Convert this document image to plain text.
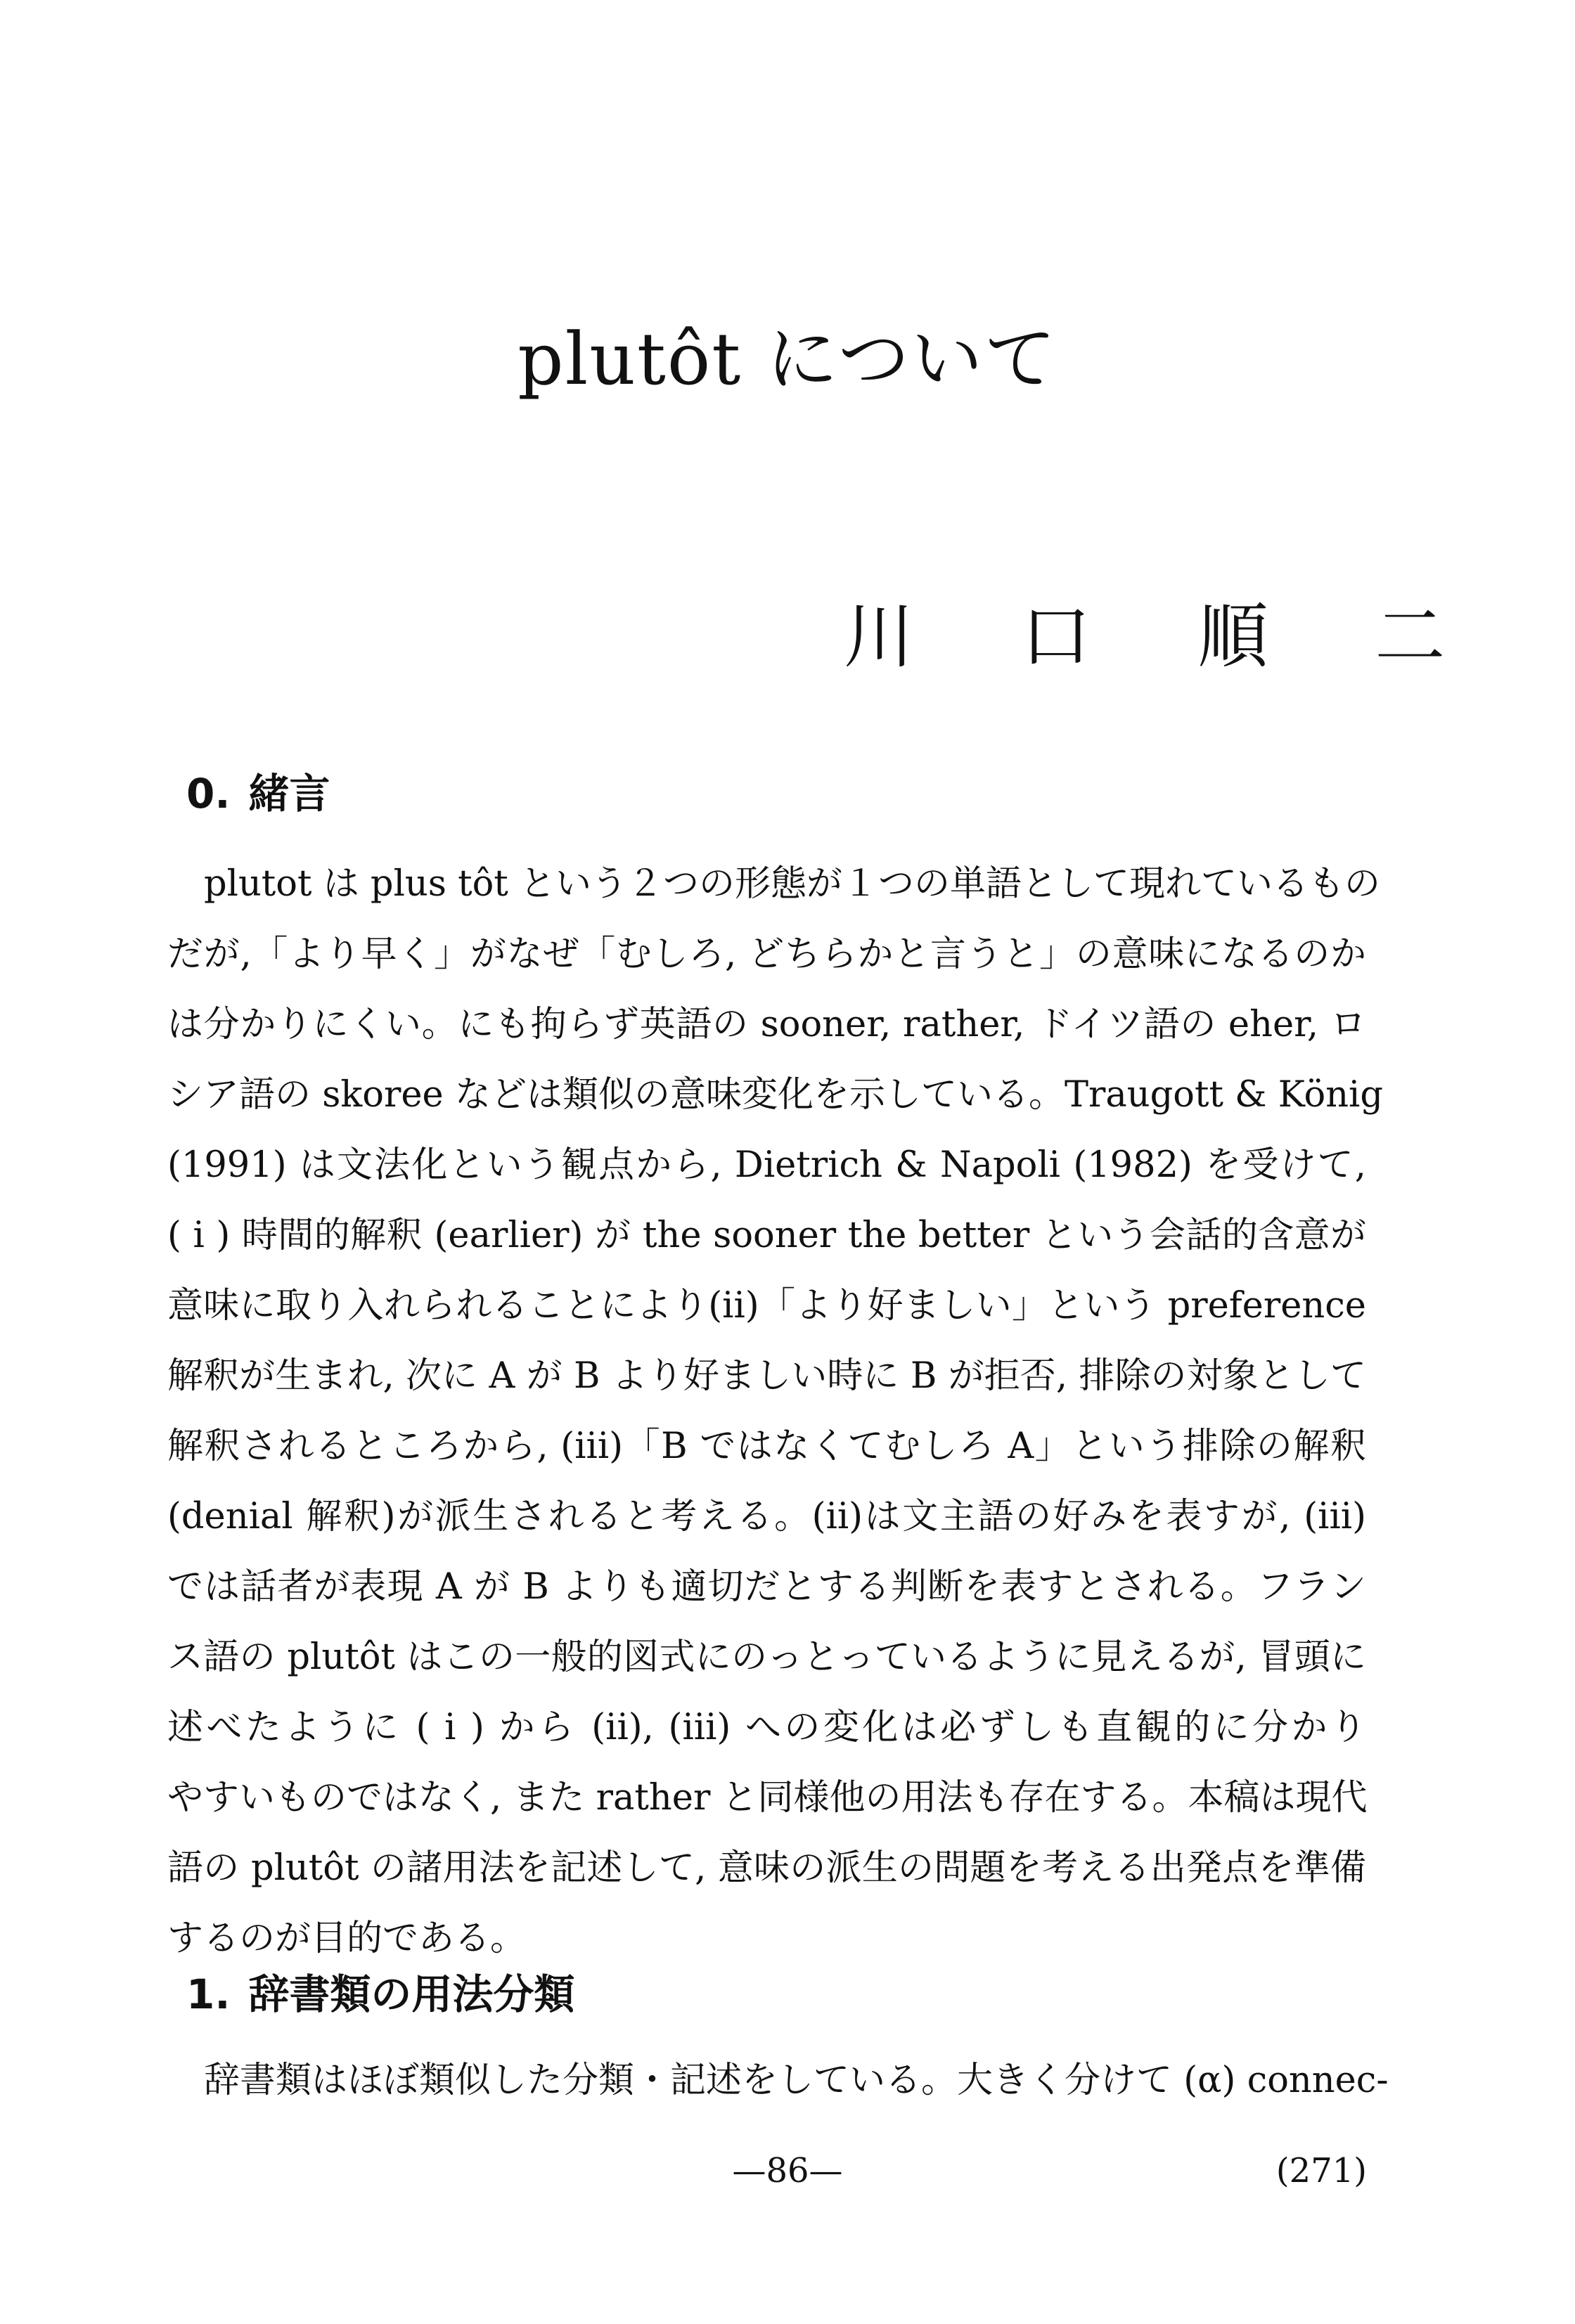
plutôt について
川 口 順 二
0. 緒言
plutot は plus tôt という２つの形態が１つの単語として現れているもの
だが,「より早く」がなぜ「むしろ, どちらかと言うと」の意味になるのか
は分かりにくい。にも拘らず英語の sooner, rather, ドイツ語の eher, ロ
シア語の skoree などは類似の意味変化を示している。Traugott & König
(1991) は文法化という観点から, Dietrich & Napoli (1982) を受けて,
( i ) 時間的解釈 (earlier) が the sooner the better という会話的含意が
意味に取り入れられることにより(ii)「より好ましい」という preference
解釈が生まれ, 次に A が B より好ましい時に B が拒否, 排除の対象として
解釈されるところから, (iii)「B ではなくてむしろ A」という排除の解釈
(denial 解釈)が派生されると考える。(ii)は文主語の好みを表すが, (iii)
では話者が表現 A が B よりも適切だとする判断を表すとされる。フラン
ス語の plutôt はこの一般的図式にのっとっているように見えるが, 冒頭に
述べたように ( i ) から (ii), (iii) への変化は必ずしも直観的に分かり
やすいものではなく, また rather と同様他の用法も存在する。本稿は現代
語の plutôt の諸用法を記述して, 意味の派生の問題を考える出発点を準備
するのが目的である。
1. 辞書類の用法分類
辞書類はほぼ類似した分類・記述をしている。大きく分けて (α) connec-
—86—	(271)
